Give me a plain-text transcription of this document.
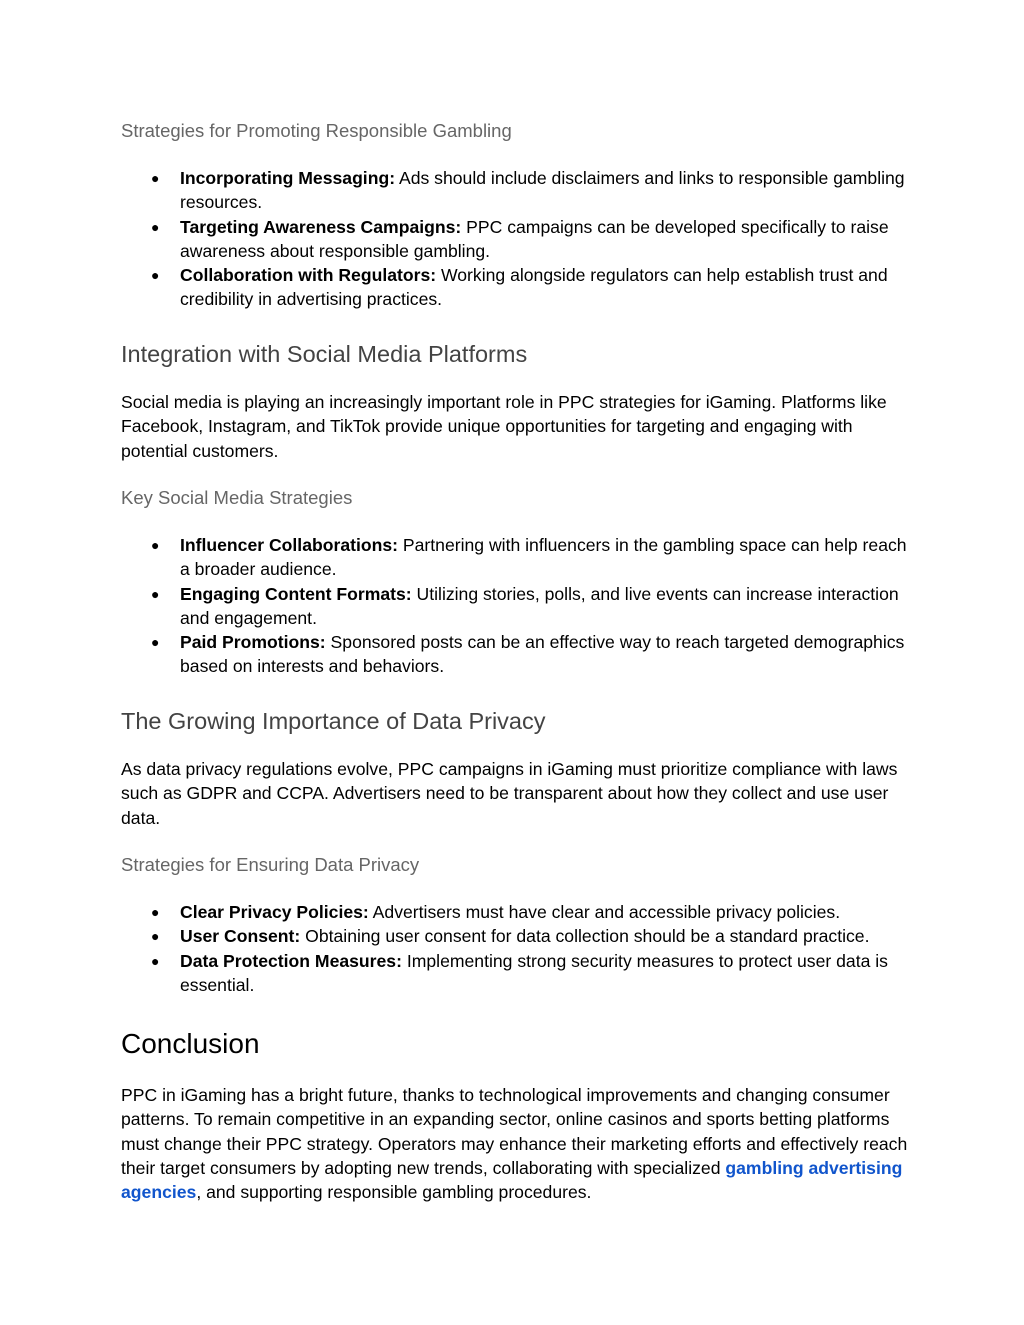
Strategies for Promoting Responsible Gambling
● Incorporating Messaging: Ads should include disclaimers and links to responsible gambling resources.
● Targeting Awareness Campaigns: PPC campaigns can be developed specifically to raise awareness about responsible gambling.
● Collaboration with Regulators: Working alongside regulators can help establish trust and credibility in advertising practices.
Integration with Social Media Platforms
Social media is playing an increasingly important role in PPC strategies for iGaming. Platforms like Facebook, Instagram, and TikTok provide unique opportunities for targeting and engaging with potential customers.
Key Social Media Strategies
● Influencer Collaborations: Partnering with influencers in the gambling space can help reach a broader audience.
● Engaging Content Formats: Utilizing stories, polls, and live events can increase interaction and engagement.
● Paid Promotions: Sponsored posts can be an effective way to reach targeted demographics based on interests and behaviors.
The Growing Importance of Data Privacy
As data privacy regulations evolve, PPC campaigns in iGaming must prioritize compliance with laws such as GDPR and CCPA. Advertisers need to be transparent about how they collect and use user data.
Strategies for Ensuring Data Privacy
● Clear Privacy Policies: Advertisers must have clear and accessible privacy policies.
● User Consent: Obtaining user consent for data collection should be a standard practice.
● Data Protection Measures: Implementing strong security measures to protect user data is essential.
Conclusion
PPC in iGaming has a bright future, thanks to technological improvements and changing consumer patterns. To remain competitive in an expanding sector, online casinos and sports betting platforms must change their PPC strategy. Operators may enhance their marketing efforts and effectively reach their target consumers by adopting new trends, collaborating with specialized gambling advertising agencies, and supporting responsible gambling procedures.
